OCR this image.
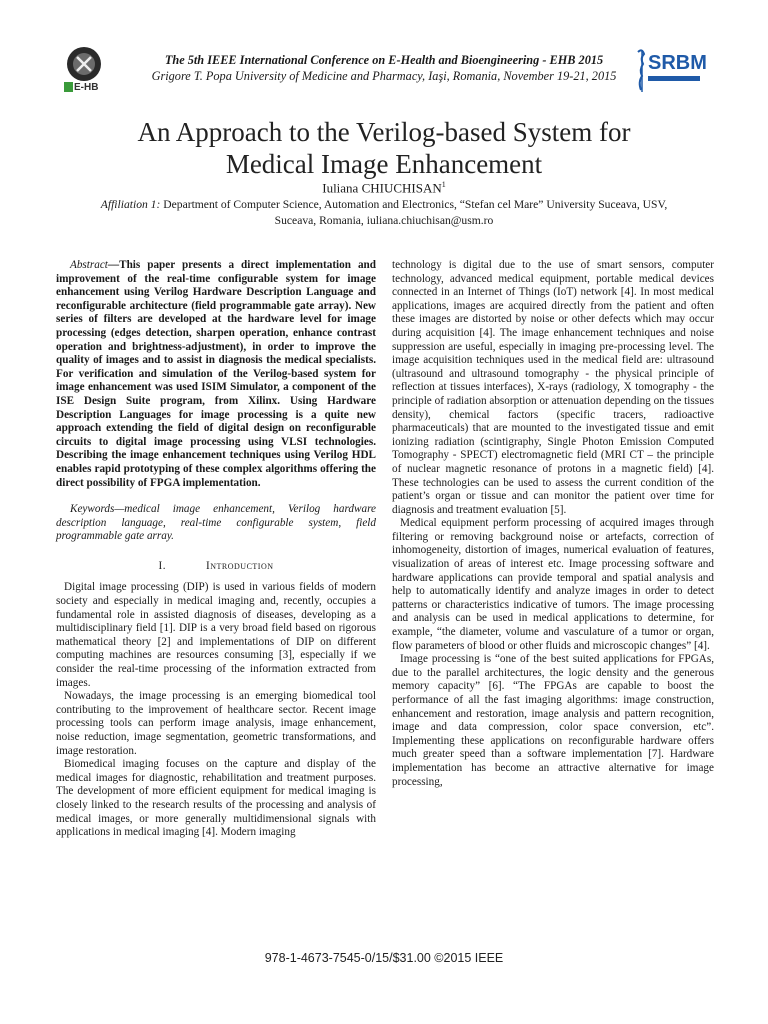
E-HB
The 5th IEEE International Conference on E-Health and Bioengineering - EHB 2015
Grigore T. Popa University of Medicine and Pharmacy, Iaşi, Romania, November 19-21, 2015
SRBM
An Approach to the Verilog-based System for
Medical Image Enhancement
Iuliana CHIUCHISAN$^1$
Affiliation 1: Department of Computer Science, Automation and Electronics, “Stefan cel Mare” University Suceava, USV,
Suceava, Romania, iuliana.chiuchisan@usm.ro

Abstract—This paper presents a direct implementation and improvement of the real-time configurable system for image enhancement using Verilog Hardware Description Language and reconfigurable architecture (field programmable gate array). New series of filters are developed at the hardware level for image processing (edges detection, sharpen operation, enhance contrast operation and brightness-adjustment), in order to improve the quality of images and to assist in diagnosis the medical specialists. For verification and simulation of the Verilog-based system for image enhancement was used ISIM Simulator, a component of the ISE Design Suite program, from Xilinx. Using Hardware Description Languages for image processing is a quite new approach extending the field of digital design on reconfigurable circuits to digital image processing using VLSI technologies. Describing the image enhancement techniques using Verilog HDL enables rapid prototyping of these complex algorithms offering the direct possibility of FPGA implementation.

Keywords—medical image enhancement, Verilog hardware description language, real-time configurable system, field programmable gate array.

I.	Introduction

Digital image processing (DIP) is used in various fields of modern society and especially in medical imaging and, recently, occupies a fundamental role in assisted diagnosis of diseases, developing as a multidisciplinary field [1]. DIP is a very broad field based on rigorous mathematical theory [2] and implementations of DIP on different computing machines are resources consuming [3], especially if we consider the real-time processing of the information extracted from images.

Nowadays, the image processing is an emerging biomedical tool contributing to the improvement of healthcare sector. Recent image processing tools can perform image analysis, image enhancement, noise reduction, image segmentation, geometric transformations, and image restoration.

Biomedical imaging focuses on the capture and display of the medical images for diagnostic, rehabilitation and treatment purposes. The development of more efficient equipment for medical imaging is closely linked to the research results of the processing and analysis of medical images, or more generally multidimensional signals with applications in medical imaging [4]. Modern imaging

technology is digital due to the use of smart sensors, computer technology, advanced medical equipment, portable medical devices connected in an Internet of Things (IoT) network [4]. In most medical applications, images are acquired directly from the patient and often these images are distorted by noise or other defects which may occur during acquisition [4]. The image enhancement techniques and noise suppression are useful, especially in imaging pre-processing level. The image acquisition techniques used in the medical field are: ultrasound (ultrasound and ultrasound tomography - the physical principle of reflection at tissues interfaces), X-rays (radiology, X tomography - the principle of radiation absorption or attenuation depending on the tissues density), chemical factors (specific tracers, radioactive pharmaceuticals) that are mounted to the investigated tissue and emit ionizing radiation (scintigraphy, Single Photon Emission Computed Tomography - SPECT) electromagnetic field (MRI CT – the principle of nuclear magnetic resonance of protons in a magnetic field) [4]. These technologies can be used to assess the current condition of the patient’s organ or tissue and can monitor the patient over time for diagnosis and treatment evaluation [5].

Medical equipment perform processing of acquired images through filtering or removing background noise or artefacts, correction of inhomogeneity, distortion of images, numerical evaluation of features, visualization of areas of interest etc. Image processing software and hardware applications can provide temporal and spatial analysis and help to automatically identify and analyze images in order to detect patterns or characteristics indicative of tumors. The image processing and analysis can be used in medical applications to determine, for example, “the diameter, volume and vasculature of a tumor or organ, flow parameters of blood or other fluids and microscopic changes” [4].

Image processing is “one of the best suited applications for FPGAs, due to the parallel architectures, the logic density and the generous memory capacity” [6]. “The FPGAs are capable to boost the performance of all the fast imaging algorithms: image construction, enhancement and restoration, image analysis and pattern recognition, image and data compression, color space conversion, etc”. Implementing these applications on reconfigurable hardware offers much greater speed than a software implementation [7]. Hardware implementation has become an attractive alternative for image processing,

978-1-4673-7545-0/15/$31.00 ©2015 IEEE
